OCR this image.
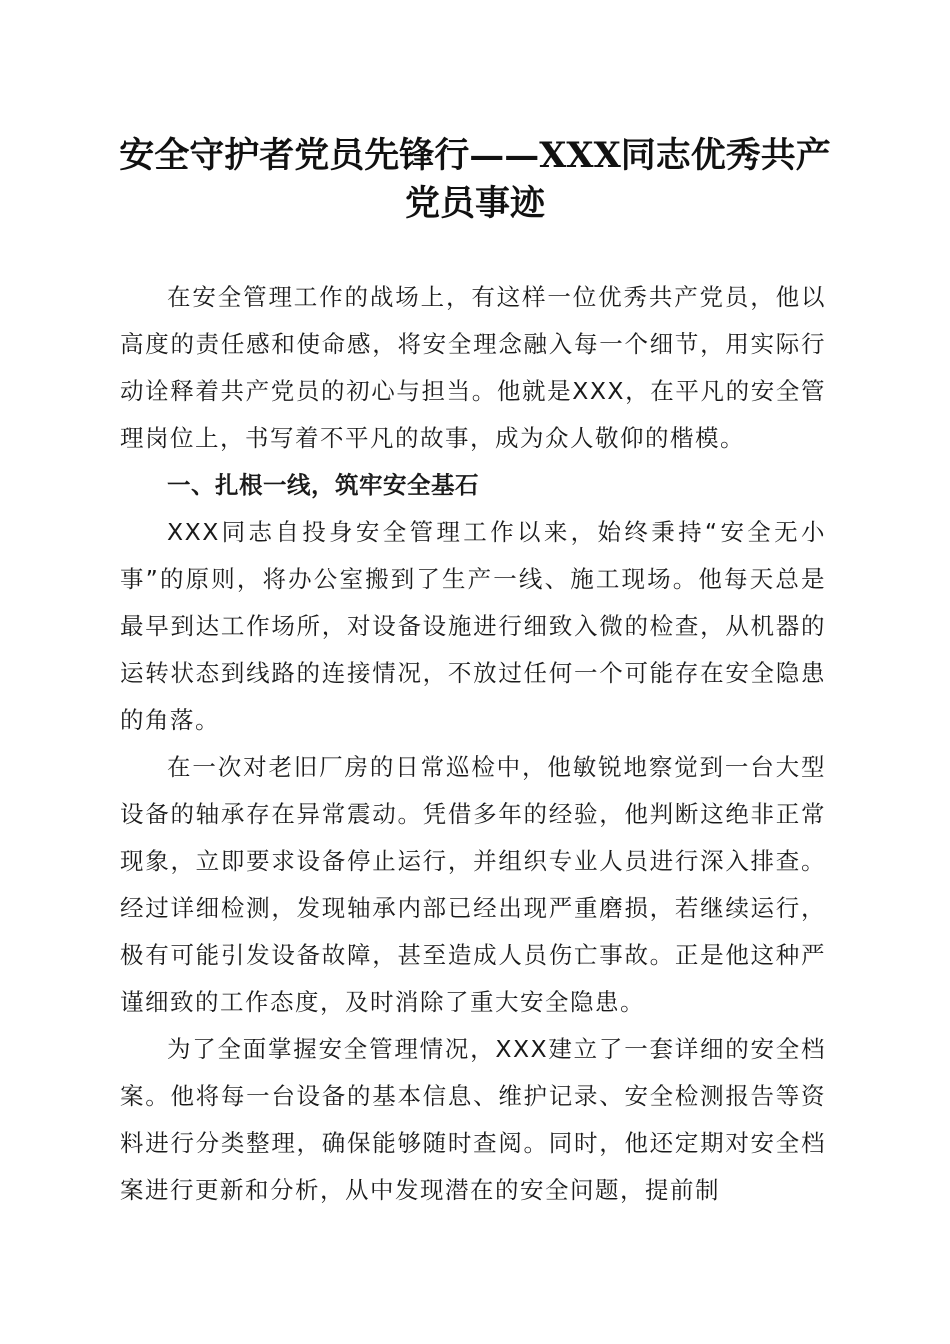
安全守护者党员先锋行——XXX同志优秀共产党员事迹

在安全管理工作的战场上，有这样一位优秀共产党员，他以高度的责任感和使命感，将安全理念融入每一个细节，用实际行动诠释着共产党员的初心与担当。他就是XXX，在平凡的安全管理岗位上，书写着不平凡的故事，成为众人敬仰的楷模。

一、扎根一线，筑牢安全基石

XXX同志自投身安全管理工作以来，始终秉持“安全无小事”的原则，将办公室搬到了生产一线、施工现场。他每天总是最早到达工作场所，对设备设施进行细致入微的检查，从机器的运转状态到线路的连接情况，不放过任何一个可能存在安全隐患的角落。

在一次对老旧厂房的日常巡检中，他敏锐地察觉到一台大型设备的轴承存在异常震动。凭借多年的经验，他判断这绝非正常现象，立即要求设备停止运行，并组织专业人员进行深入排查。经过详细检测，发现轴承内部已经出现严重磨损，若继续运行，极有可能引发设备故障，甚至造成人员伤亡事故。正是他这种严谨细致的工作态度，及时消除了重大安全隐患。

为了全面掌握安全管理情况，XXX建立了一套详细的安全档案。他将每一台设备的基本信息、维护记录、安全检测报告等资料进行分类整理，确保能够随时查阅。同时，他还定期对安全档案进行更新和分析，从中发现潜在的安全问题，提前制
